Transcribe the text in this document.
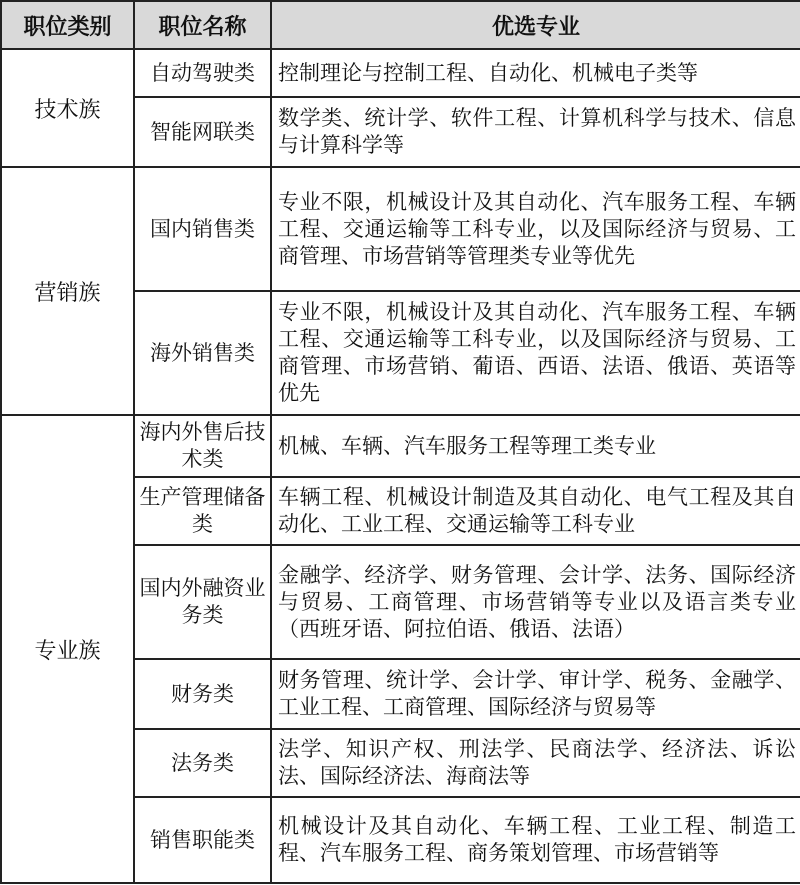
职位类别	职位名称	优选专业
技术族	自动驾驶类	控制理论与控制工程、自动化、机械电子类等
	智能网联类	数学类、统计学、软件工程、计算机科学与技术、信息与计算科学等
营销族	国内销售类	专业不限，机械设计及其自动化、汽车服务工程、车辆工程、交通运输等工科专业，以及国际经济与贸易、工商管理、市场营销等管理类专业等优先
	海外销售类	专业不限，机械设计及其自动化、汽车服务工程、车辆工程、交通运输等工科专业，以及国际经济与贸易、工商管理、市场营销、葡语、西语、法语、俄语、英语等优先
专业族	海内外售后技术类	机械、车辆、汽车服务工程等理工类专业
	生产管理储备类	车辆工程、机械设计制造及其自动化、电气工程及其自动化、工业工程、交通运输等工科专业
	国内外融资业务类	金融学、经济学、财务管理、会计学、法务、国际经济与贸易、工商管理、市场营销等专业以及语言类专业（西班牙语、阿拉伯语、俄语、法语）
	财务类	财务管理、统计学、会计学、审计学、税务、金融学、工业工程、工商管理、国际经济与贸易等
	法务类	法学、知识产权、刑法学、民商法学、经济法、诉讼法、国际经济法、海商法等
	销售职能类	机械设计及其自动化、车辆工程、工业工程、制造工程、汽车服务工程、商务策划管理、市场营销等
